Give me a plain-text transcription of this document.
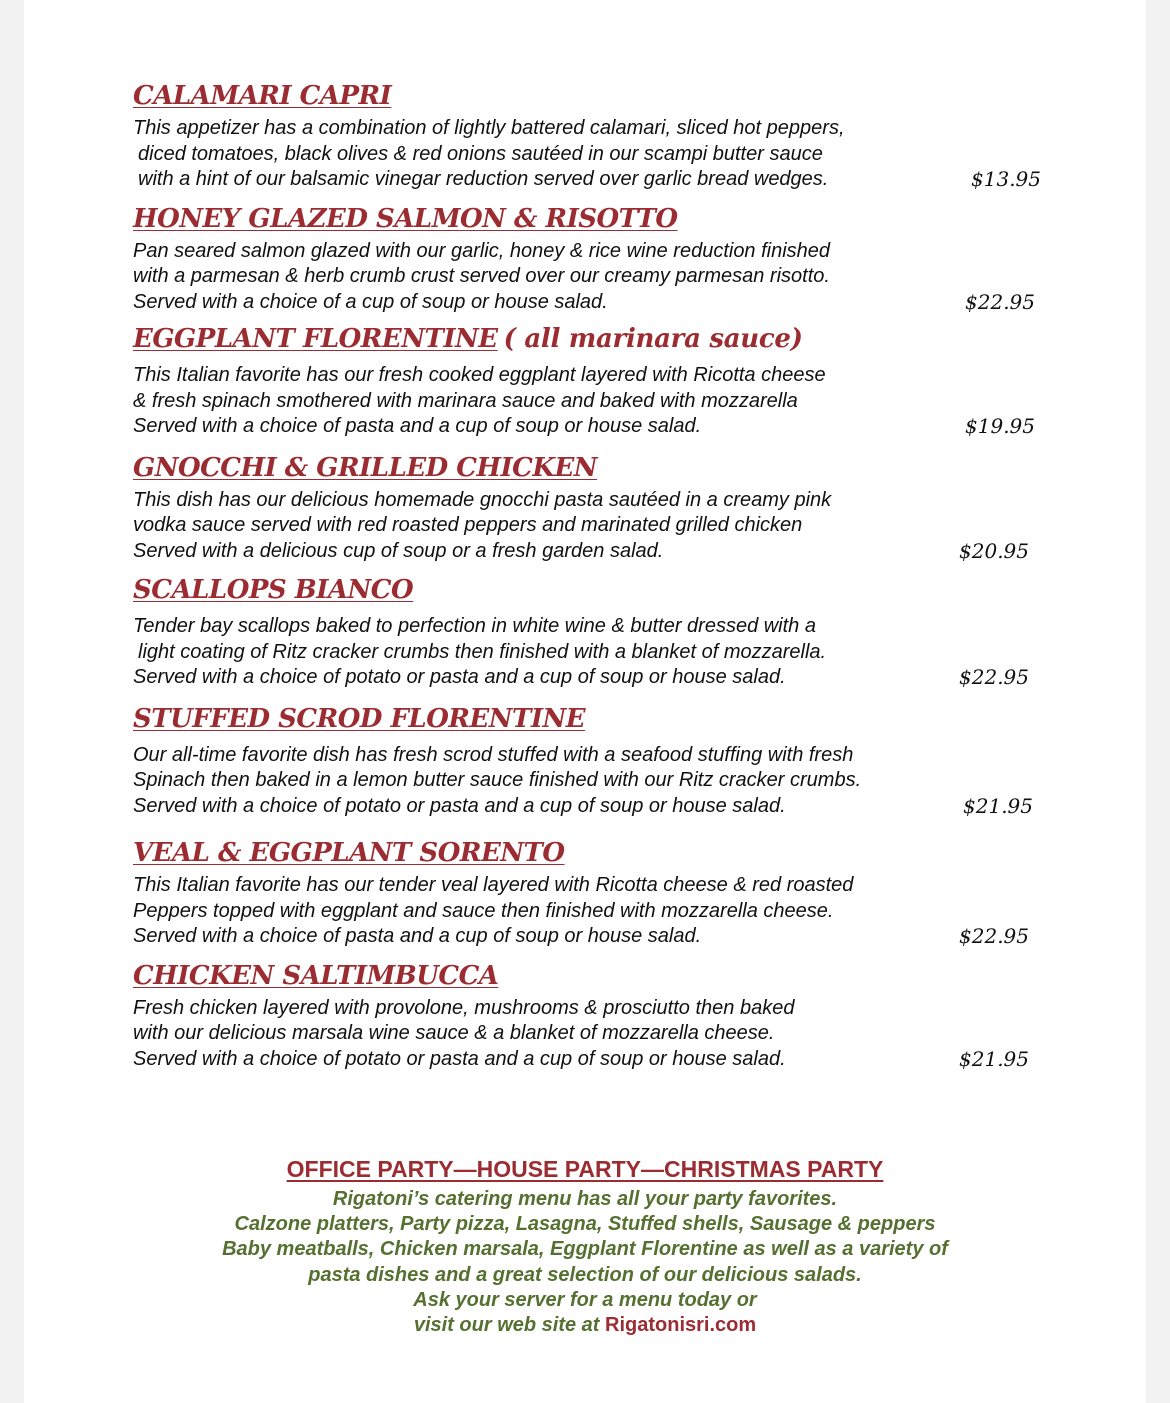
CALAMARI CAPRI

This appetizer has a combination of lightly battered calamari, sliced hot peppers,

diced tomatoes, black olives & red onions sautéed in our scampi butter sauce

with a hint of our balsamic vinegar reduction served over garlic bread wedges.	$13.95
HONEY GLAZED SALMON & RISOTTO

Pan seared salmon glazed with our garlic, honey & rice wine reduction finished

with a parmesan & herb crumb crust served over our creamy parmesan risotto.

Served with a choice of a cup of soup or house salad.	$22.95
EGGPLANT FLORENTINE ( all marinara sauce)

This Italian favorite has our fresh cooked eggplant layered with Ricotta cheese

& fresh spinach smothered with marinara sauce and baked with mozzarella

Served with a choice of pasta and a cup of soup or house salad.	$19.95
GNOCCHI & GRILLED CHICKEN

This dish has our delicious homemade gnocchi pasta sautéed in a creamy pink

vodka sauce served with red roasted peppers and marinated grilled chicken

Served with a delicious cup of soup or a fresh garden salad.	$20.95
SCALLOPS BIANCO

Tender bay scallops baked to perfection in white wine & butter dressed with a

light coating of Ritz cracker crumbs then finished with a blanket of mozzarella.

Served with a choice of potato or pasta and a cup of soup or house salad.	$22.95
STUFFED SCROD FLORENTINE

Our all-time favorite dish has fresh scrod stuffed with a seafood stuffing with fresh

Spinach then baked in a lemon butter sauce finished with our Ritz cracker crumbs.

Served with a choice of potato or pasta and a cup of soup or house salad.	$21.95
VEAL & EGGPLANT SORENTO

This Italian favorite has our tender veal layered with Ricotta cheese & red roasted

Peppers topped with eggplant and sauce then finished with mozzarella cheese.

Served with a choice of pasta and a cup of soup or house salad.	$22.95
CHICKEN SALTIMBUCCA

Fresh chicken layered with provolone, mushrooms & prosciutto then baked

with our delicious marsala wine sauce & a blanket of mozzarella cheese.

Served with a choice of potato or pasta and a cup of soup or house salad.	$21.95
OFFICE PARTY—HOUSE PARTY—CHRISTMAS PARTY

Rigatoni’s catering menu has all your party favorites.

Calzone platters, Party pizza, Lasagna, Stuffed shells, Sausage & peppers

Baby meatballs, Chicken marsala, Eggplant Florentine as well as a variety of

pasta dishes and a great selection of our delicious salads.

Ask your server for a menu today or

visit our web site at Rigatonisri.com
